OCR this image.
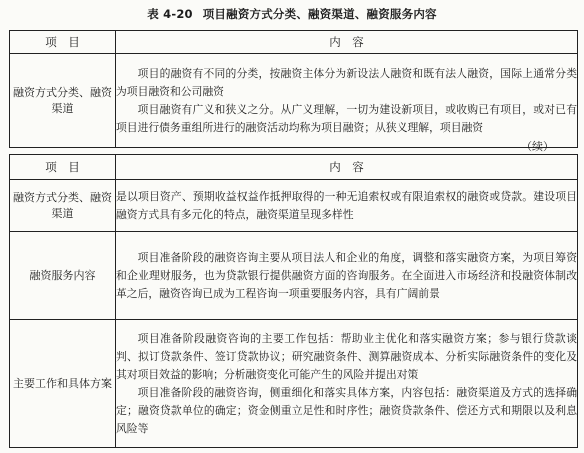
表 4-20 项目融资方式分类、融资渠道、融资服务内容
项　目	内　容
融资方式分类、融资渠道	项目的融资有不同的分类，按融资主体分为新设法人融资和既有法人融资，国际上通常分类为项目融资和公司融资

项目融资有广义和狭义之分。从广义理解，一切为建设新项目，或收购已有项目，或对已有项目进行债务重组所进行的融资活动均称为项目融资；从狭义理解，项目融资

（续）
项　目	内　容
融资方式分类、融资渠道	是以项目资产、预期收益权益作抵押取得的一种无追索权或有限追索权的融资或贷款。建设项目融资方式具有多元化的特点，融资渠道呈现多样性

融资服务内容	项目准备阶段的融资咨询主要从项目法人和企业的角度，调整和落实融资方案，为项目筹资和企业理财服务，也为贷款银行提供融资方面的咨询服务。在全面进入市场经济和投融资体制改革之后，融资咨询已成为工程咨询一项重要服务内容，具有广阔前景

主要工作和具体方案	项目准备阶段融资咨询的主要工作包括：帮助业主优化和落实融资方案；参与银行贷款谈判、拟订贷款条件、签订贷款协议；研究融资条件、测算融资成本、分析实际融资条件的变化及其对项目效益的影响；分析融资变化可能产生的风险并提出对策

项目准备阶段的融资咨询，侧重细化和落实具体方案，内容包括：融资渠道及方式的选择确定；融资贷款单位的确定；资金侧重立足性和时序性；融资贷款条件、偿还方式和期限以及利息风险等
